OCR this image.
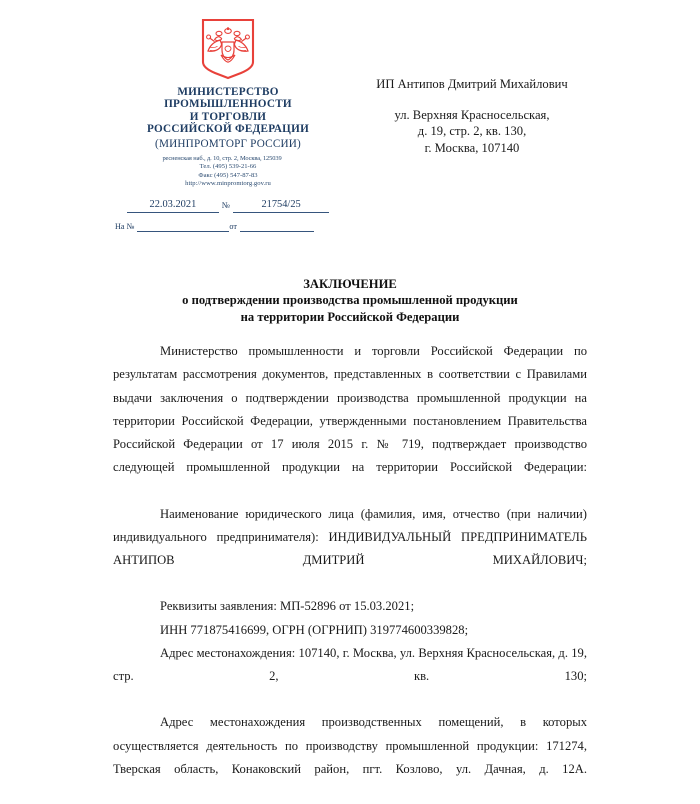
МИНИСТЕРСТВО
ПРОМЫШЛЕННОСТИ
И ТОРГОВЛИ
РОССИЙСКОЙ ФЕДЕРАЦИИ
(МИНПРОМТОРГ РОССИИ)
ресненская наб., д. 10, стр. 2, Москва, 125039
Тел. (495) 539-21-66
Факс (495) 547-87-83
http://www.minpromtorg.gov.ru
22.03.2021	№	21754/25
На №	от
ИП Антипов Дмитрий Михайлович
ул. Верхняя Красносельская,
д. 19, стр. 2, кв. 130,
г. Москва, 107140
ЗАКЛЮЧЕНИЕ
о подтверждении производства промышленной продукции
на территории Российской Федерации

Министерство промышленности и торговли Российской Федерации по результатам рассмотрения документов, представленных в соответствии с Правилами выдачи заключения о подтверждении производства промышленной продукции на территории Российской Федерации, утвержденными постановлением Правительства Российской Федерации от 17 июля 2015 г. № 719, подтверждает производство следующей промышленной продукции на территории Российской Федерации:

Наименование юридического лица (фамилия, имя, отчество (при наличии) индивидуального предпринимателя): ИНДИВИДУАЛЬНЫЙ ПРЕДПРИНИМАТЕЛЬ АНТИПОВ ДМИТРИЙ МИХАЙЛОВИЧ;

Реквизиты заявления: МП-52896 от 15.03.2021;

ИНН 771875416699, ОГРН (ОГРНИП) 319774600339828;

Адрес местонахождения: 107140, г. Москва, ул. Верхняя Красносельская, д. 19, стр. 2, кв. 130;

Адрес местонахождения производственных помещений, в которых осуществляется деятельность по производству промышленной продукции: 171274, Тверская область, Конаковский район, пгт. Козлово, ул. Дачная, д. 12А.
